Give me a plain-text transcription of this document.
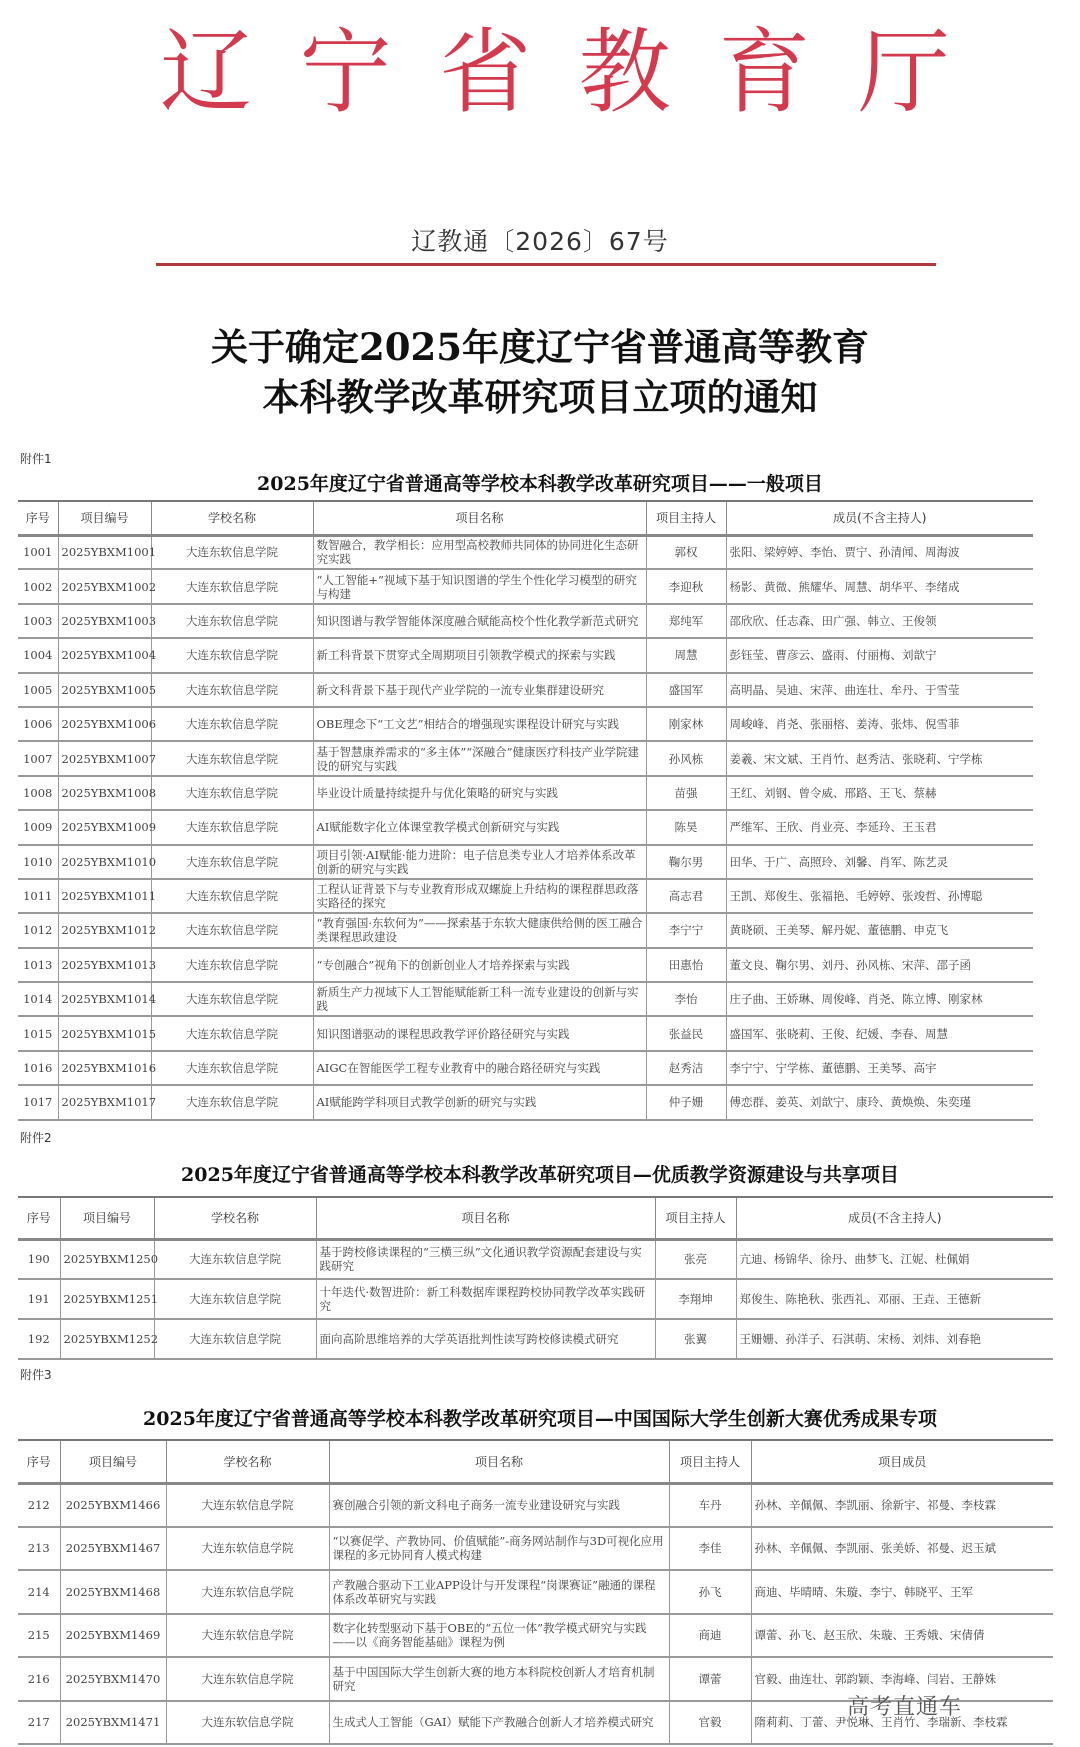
辽 宁 省 教 育 厅
辽教通〔2026〕67号
关于确定2025年度辽宁省普通高等教育
本科教学改革研究项目立项的通知
附件1
2025年度辽宁省普通高等学校本科教学改革研究项目——一般项目
序号	项目编号	学校名称	项目名称	项目主持人	成员(不含主持人)
1001	2025YBXM1001	大连东软信息学院	数智融合，教学相长：应用型高校教师共同体的协同进化生态研究实践	郭权	张阳、梁婷婷、李怡、贾宁、孙清闻、周海波
1002	2025YBXM1002	大连东软信息学院	“人工智能+”视域下基于知识图谱的学生个性化学习模型的研究与构建	李迎秋	杨影、黄微、熊耀华、周慧、胡华平、李绪成
1003	2025YBXM1003	大连东软信息学院	知识图谱与教学智能体深度融合赋能高校个性化教学新范式研究	郑纯军	邵欣欣、任志森、田广强、韩立、王俊领
1004	2025YBXM1004	大连东软信息学院	新工科背景下贯穿式全周期项目引领教学模式的探索与实践	周慧	彭钰莹、曹彦云、盛雨、付丽梅、刘歆宁
1005	2025YBXM1005	大连东软信息学院	新文科背景下基于现代产业学院的一流专业集群建设研究	盛国军	高明晶、吴迪、宋萍、曲连壮、牟丹、于雪莹
1006	2025YBXM1006	大连东软信息学院	OBE理念下“工文艺”相结合的增强现实课程设计研究与实践	刚家林	周峻峰、肖尧、张丽榕、姜涛、张炜、倪雪菲
1007	2025YBXM1007	大连东软信息学院	基于智慧康养需求的“多主体”“深融合”健康医疗科技产业学院建设的研究与实践	孙风栋	姜羲、宋文斌、王肖竹、赵秀洁、张晓莉、宁学栋
1008	2025YBXM1008	大连东软信息学院	毕业设计质量持续提升与优化策略的研究与实践	苗强	王红、刘钢、曾令威、邢路、王飞、蔡赫
1009	2025YBXM1009	大连东软信息学院	AI赋能数字化立体课堂教学模式创新研究与实践	陈昊	严维军、王欣、肖业亮、李延玲、王玉君
1010	2025YBXM1010	大连东软信息学院	项目引领·AI赋能·能力进阶：电子信息类专业人才培养体系改革创新的研究与实践	鞠尔男	田华、于广、高照玲、刘馨、肖军、陈艺灵
1011	2025YBXM1011	大连东软信息学院	工程认证背景下与专业教育形成双螺旋上升结构的课程群思政落实路径的探究	高志君	王凯、郑俊生、张福艳、毛婷婷、张竣哲、孙博聪
1012	2025YBXM1012	大连东软信息学院	“教育强国·东软何为”——探索基于东软大健康供给侧的医工融合类课程思政建设	李宁宁	黄晓硕、王美琴、解丹妮、董德鹏、申克飞
1013	2025YBXM1013	大连东软信息学院	“专创融合”视角下的创新创业人才培养探索与实践	田惠怡	董文良、鞠尔男、刘丹、孙风栋、宋萍、邵子函
1014	2025YBXM1014	大连东软信息学院	新质生产力视域下人工智能赋能新工科一流专业建设的创新与实践	李怡	庄子曲、王娇琳、周俊峰、肖尧、陈立博、刚家林
1015	2025YBXM1015	大连东软信息学院	知识图谱驱动的课程思政教学评价路径研究与实践	张益民	盛国军、张晓莉、王俊、纪媛、李春、周慧
1016	2025YBXM1016	大连东软信息学院	AIGC在智能医学工程专业教育中的融合路径研究与实践	赵秀洁	李宁宁、宁学栋、董德鹏、王美琴、高宇
1017	2025YBXM1017	大连东软信息学院	AI赋能跨学科项目式教学创新的研究与实践	仲子姗	傅恋群、姜英、刘歆宁、康玲、黄焕焕、朱奕瑾
附件2
2025年度辽宁省普通高等学校本科教学改革研究项目—优质教学资源建设与共享项目
序号	项目编号	学校名称	项目名称	项目主持人	成员(不含主持人)
190	2025YBXM1250	大连东软信息学院	基于跨校修读课程的“三横三纵”文化通识教学资源配套建设与实践研究	张亮	亢迪、杨锦华、徐丹、曲梦飞、江妮、杜佩娟
191	2025YBXM1251	大连东软信息学院	十年迭代·数智进阶：新工科数据库课程跨校协同教学改革实践研究	李翔坤	郑俊生、陈艳秋、张西礼、邓丽、王垚、王德新
192	2025YBXM1252	大连东软信息学院	面向高阶思维培养的大学英语批判性读写跨校修读模式研究	张翼	王姗姗、孙洋子、石淇萌、宋杨、刘炜、刘春艳
附件3
2025年度辽宁省普通高等学校本科教学改革研究项目—中国国际大学生创新大赛优秀成果专项
序号	项目编号	学校名称	项目名称	项目主持人	项目成员
212	2025YBXM1466	大连东软信息学院	赛创融合引领的新文科电子商务一流专业建设研究与实践	车丹	孙林、辛佩佩、李凯丽、徐新宇、祁曼、李枝霖
213	2025YBXM1467	大连东软信息学院	“以赛促学、产教协同、价值赋能”-商务网站制作与3D可视化应用课程的多元协同育人模式构建	李佳	孙林、辛佩佩、李凯丽、张美娇、祁曼、迟玉斌
214	2025YBXM1468	大连东软信息学院	产教融合驱动下工业APP设计与开发课程“岗课赛证”融通的课程体系改革研究与实践	孙飞	商迪、毕晴晴、朱璇、李宁、韩晓平、王军
215	2025YBXM1469	大连东软信息学院	数字化转型驱动下基于OBE的“五位一体”教学模式研究与实践——以《商务智能基础》课程为例	商迪	谭蕾、孙飞、赵玉欣、朱璇、王秀娥、宋倩倩
216	2025YBXM1470	大连东软信息学院	基于中国国际大学生创新大赛的地方本科院校创新人才培育机制研究	谭蕾	官毅、曲连壮、郭韵颖、李海峰、闫岩、王静姝
217	2025YBXM1471	大连东软信息学院	生成式人工智能（GAI）赋能下产教融合创新人才培养模式研究	官毅	隋莉莉、丁蕾、尹悦琳、王肖竹、李瑞新、李枝霖
高考直通车
